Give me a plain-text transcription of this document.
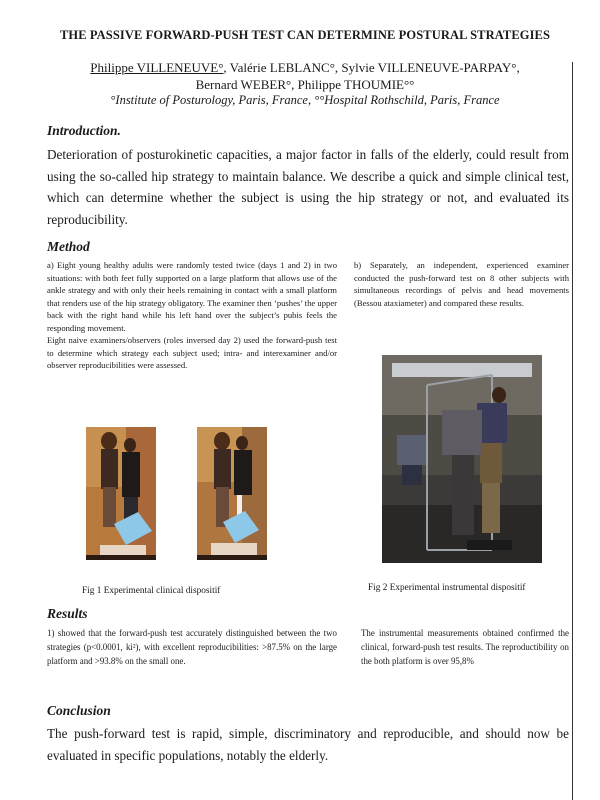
THE PASSIVE FORWARD-PUSH TEST CAN DETERMINE POSTURAL STRATEGIES
Philippe VILLENEUVE°, Valérie LEBLANC°, Sylvie VILLENEUVE-PARPAY°,
Bernard WEBER°, Philippe THOUMIE°°
°Institute of Posturology, Paris, France, °°Hospital Rothschild, Paris, France
Introduction.
Deterioration of posturokinetic capacities, a major factor in falls of the elderly, could result from using the so-called hip strategy to maintain balance. We describe a quick and simple clinical test, which can determine whether the subject is using the hip strategy or not, and evaluated its reproducibility.
Method

a) Eight young healthy adults were randomly tested twice (days 1 and 2) in two situations: with both feet fully supported on a large platform that allows use of the ankle strategy and with only their heels remaining in contact with a small platform that renders use of the hip strategy obligatory. The examiner then ‘pushes’ the upper back with the right hand while his left hand over the subject’s pubis feels the responding movement.

Eight naive examiners/observers (roles inversed day 2) used the forward-push test to determine which strategy each subject used; intra- and interexaminer and/or observer reproducibilities were assessed.

b) Separately, an independent, experienced examiner conducted the push-forward test on 8 other subjects with simultaneous recordings of pelvis and head movements (Bessou ataxiameter) and compared these results.
Fig 1 Experimental clinical dispositif	Fig 2 Experimental instrumental dispositif
Results
1) showed that the forward-push test accurately distinguished between the two strategies (p<0.0001, ki²), with excellent reproducibilities: >87.5% on the large platform and >93.8% on the small one.
The instrumental measurements obtained confirmed the clinical, forward-push test results. The reproductibility on the both platform is over 95,8%
Conclusion
The push-forward test is rapid, simple, discriminatory and reproducible, and should now be evaluated in specific populations, notably the elderly.
